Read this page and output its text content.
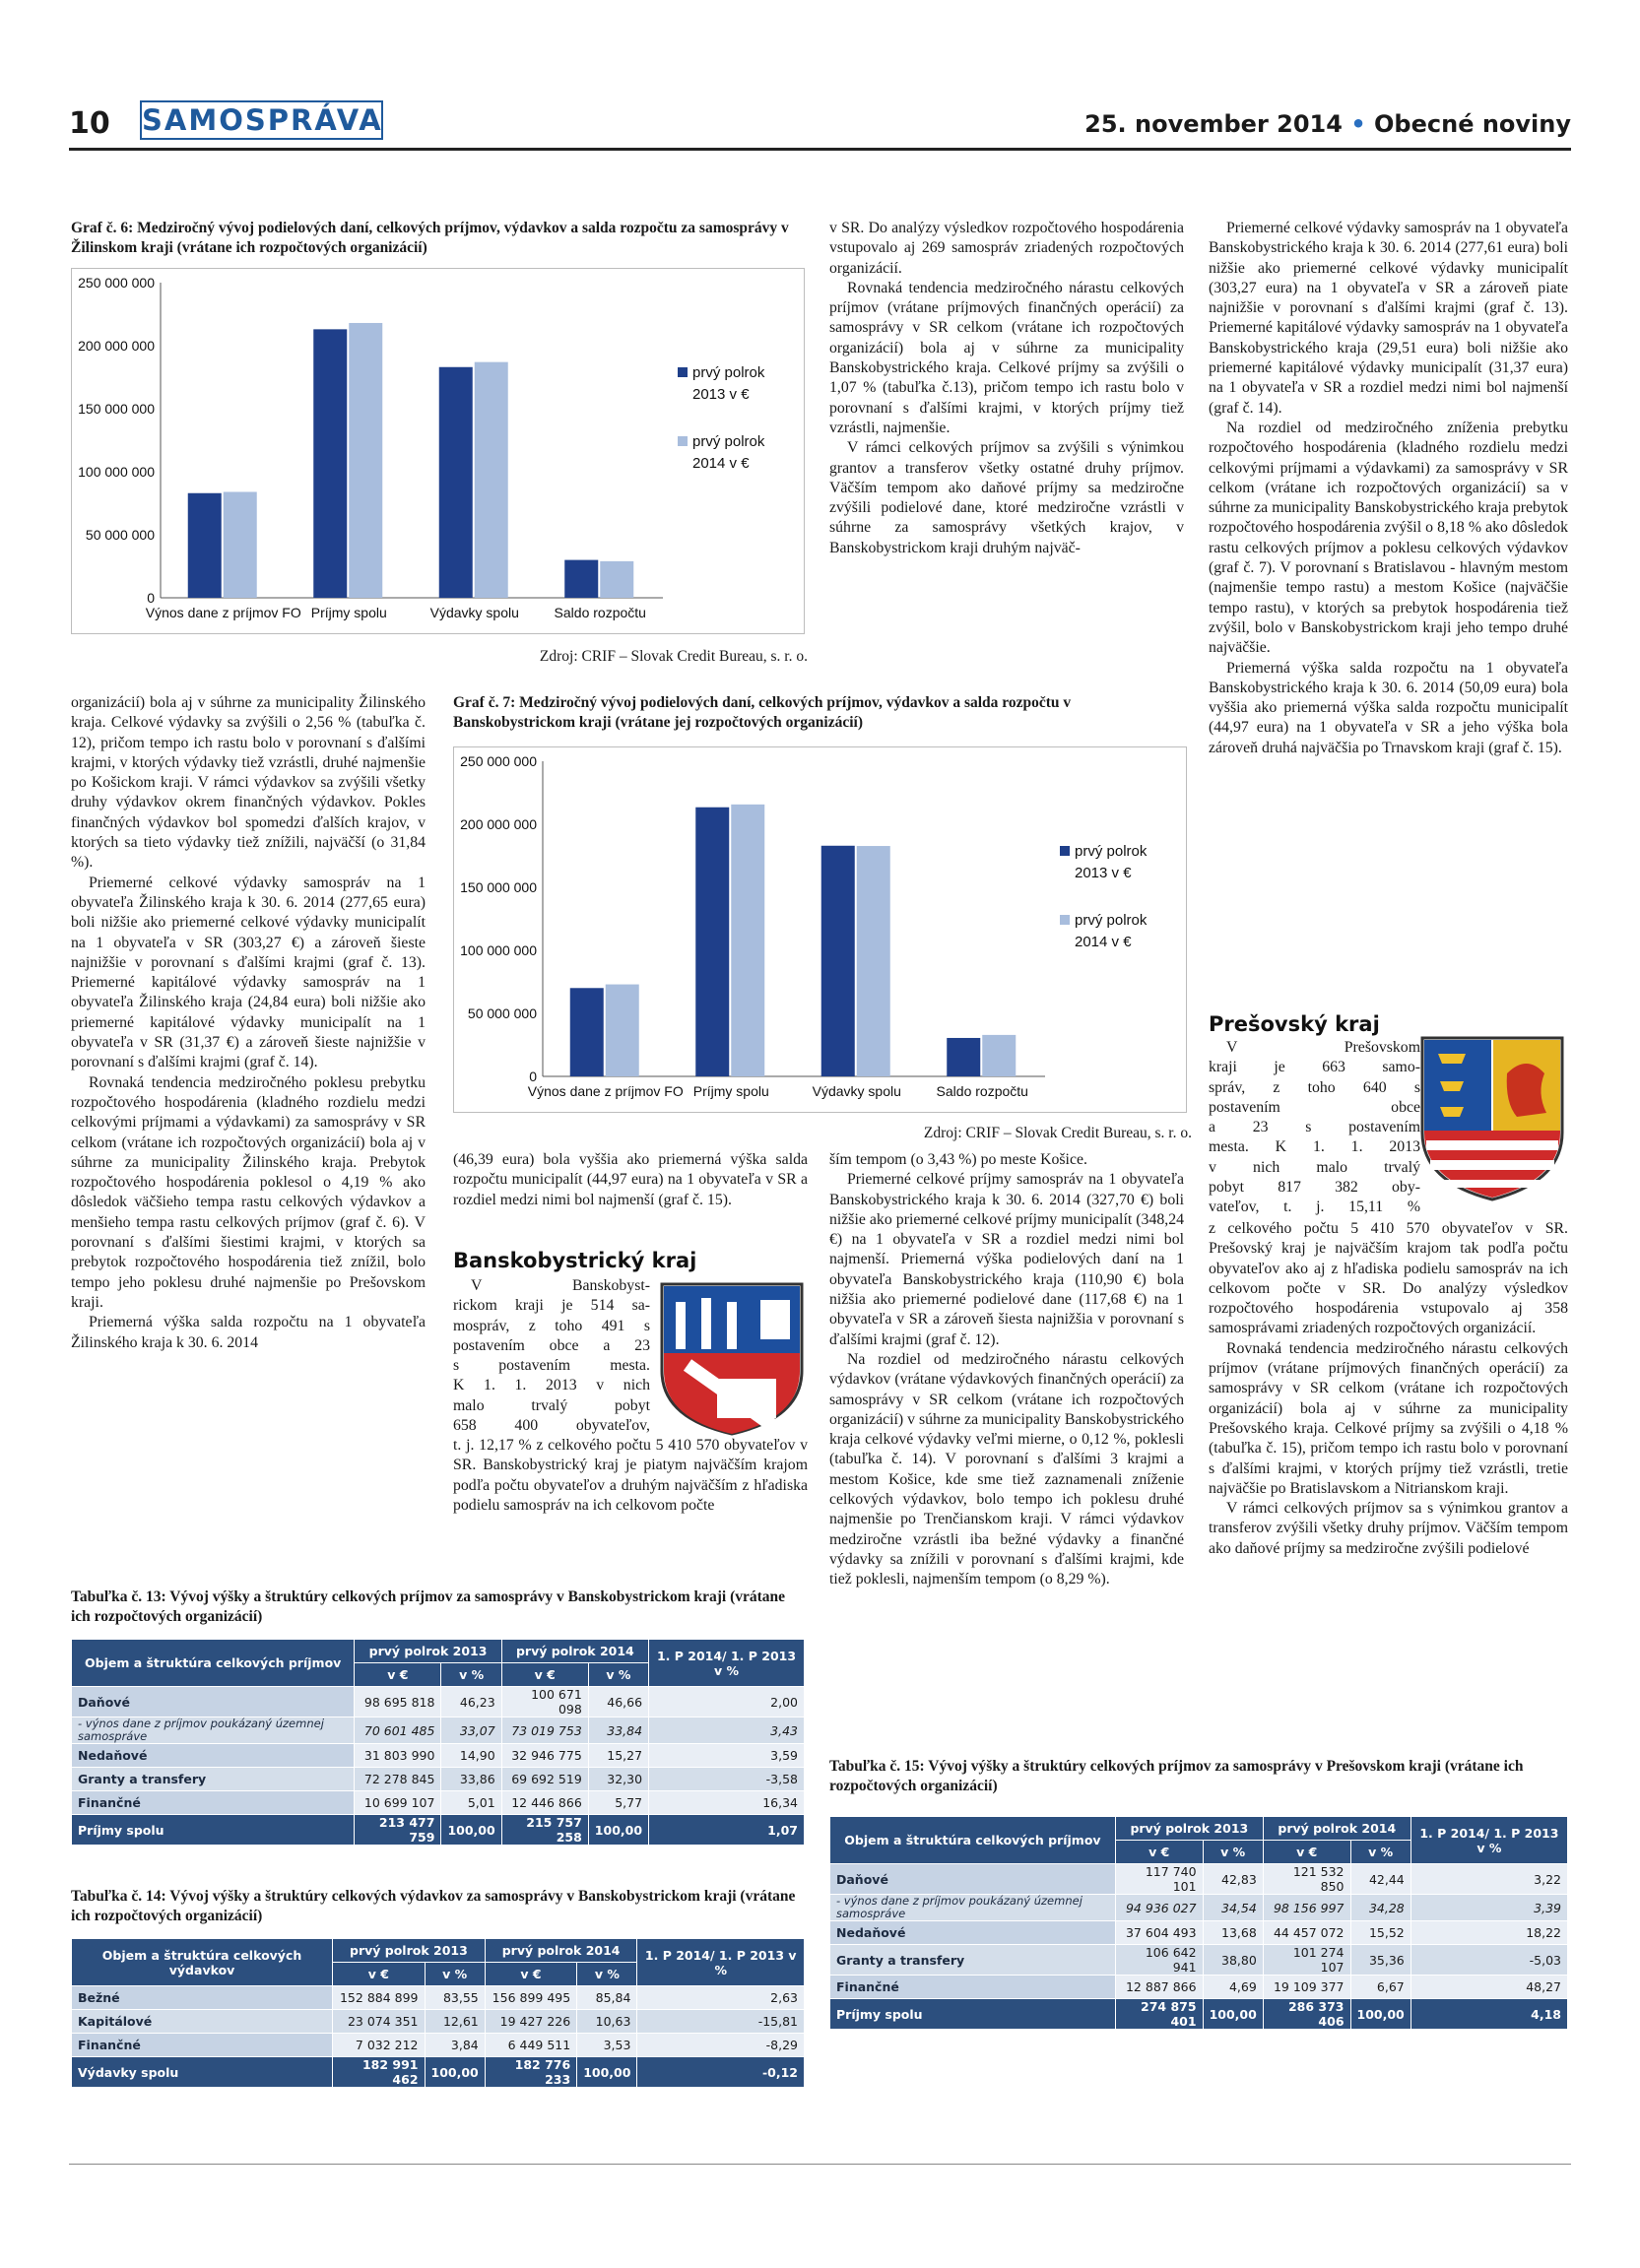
10 SAMOSPRÁVA	25. november 2014 • Obecné noviny
Graf č. 6: Medziročný vývoj podielových daní, celkových príjmov, výdavkov a salda rozpočtu za samosprávy v Žilinskom kraji (vrátane ich rozpočtových organizácií)
250 000 000
200 000 000
150 000 000
100 000 000
50 000 000
0
Výnos dane z príjmov FO Príjmy spolu	Výdavky spolu	Saldo rozpočtu
prvý polrok
2013 v €
prvý polrok
2014 v €
Zdroj: CRIF – Slovak Credit Bureau, s. r. o.

organizácií) bola aj v súhrne za municipality Žilinského kraja. Celkové výdavky sa zvýšili o 2,56 % (tabuľka č. 12), pričom tempo ich rastu bolo v porovnaní s ďalšími krajmi, v ktorých výdavky tiež vzrástli, druhé najmenšie po Košickom kraji. V rámci výdavkov sa zvýšili všetky druhy výdavkov okrem finančných výdavkov. Pokles finančných výdavkov bol spomedzi ďalších krajov, v ktorých sa tieto výdavky tiež znížili, najväčší (o 31,84 %).

Priemerné celkové výdavky samospráv na 1 obyvateľa Žilinského kraja k 30. 6. 2014 (277,65 eura) boli nižšie ako priemerné celkové výdavky municipalít na 1 obyvateľa v SR (303,27 €) a zároveň šieste najnižšie v porovnaní s ďalšími krajmi (graf č. 13). Priemerné kapitálové výdavky samospráv na 1 obyvateľa Žilinského kraja (24,84 eura) boli nižšie ako priemerné kapitálové výdavky municipalít na 1 obyvateľa v SR (31,37 €) a zároveň šieste najnižšie v porovnaní s ďalšími krajmi (graf č. 14).

Rovnaká tendencia medziročného poklesu prebytku rozpočtového hospodárenia (kladného rozdielu medzi celkovými príjmami a výdavkami) za samosprávy v SR celkom (vrátane ich rozpočtových organizácií) bola aj v súhrne za municipality Žilinského kraja. Prebytok rozpočtového hospodárenia poklesol o 4,19 % ako dôsledok väčšieho tempa rastu celkových výdavkov a menšieho tempa rastu celkových príjmov (graf č. 6). V porovnaní s ďalšími šiestimi krajmi, v ktorých sa prebytok rozpočtového hospodárenia tiež znížil, bolo tempo jeho poklesu druhé najmenšie po Prešovskom kraji.

Priemerná výška salda rozpočtu na 1 obyvateľa Žilinského kraja k 30. 6. 2014

Graf č. 7: Medziročný vývoj podielových daní, celkových príjmov, výdavkov a salda rozpočtu v Banskobystrickom kraji (vrátane jej rozpočtových organizácií)
250 000 000
200 000 000
150 000 000
100 000 000
50 000 000
0
Výnos dane z príjmov FO Príjmy spolu	Výdavky spolu	Saldo rozpočtu
prvý polrok
2013 v €
prvý polrok
2014 v €
Zdroj: CRIF – Slovak Credit Bureau, s. r. o.

v SR. Do analýzy výsledkov rozpočtového hospodárenia vstupovalo aj 269 samospráv zriadených rozpočtových organizácií.

Rovnaká tendencia medziročného nárastu celkových príjmov (vrátane príjmových finančných operácií) za samosprávy v SR celkom (vrátane ich rozpočtových organizácií) bola aj v súhrne za municipality Banskobystrického kraja. Celkové príjmy sa zvýšili o 1,07 % (tabuľka č.13), pričom tempo ich rastu bolo v porovnaní s ďalšími krajmi, v ktorých príjmy tiež vzrástli, najmenšie.

V rámci celkových príjmov sa zvýšili s výnimkou grantov a transferov všetky ostatné druhy príjmov. Väčším tempom ako daňové príjmy sa medziročne zvýšili podielové dane, ktoré medziročne vzrástli v súhrne za samosprávy všetkých krajov, v Banskobystrickom kraji druhým najväč-

Priemerné celkové výdavky samospráv na 1 obyvateľa Banskobystrického kraja k 30. 6. 2014 (277,61 eura) boli nižšie ako priemerné celkové výdavky municipalít (303,27 eura) na 1 obyvateľa v SR a zároveň piate najnižšie v porovnaní s ďalšími krajmi (graf č. 13). Priemerné kapitálové výdavky samospráv na 1 obyvateľa Banskobystrického kraja (29,51 eura) boli nižšie ako priemerné kapitálové výdavky municipalít (31,37 eura) na 1 obyvateľa v SR a rozdiel medzi nimi bol najmenší (graf č. 14).

Na rozdiel od medziročného zníženia prebytku rozpočtového hospodárenia (kladného rozdielu medzi celkovými príjmami a výdavkami) za samosprávy v SR celkom (vrátane ich rozpočtových organizácií) sa v súhrne za municipality Banskobystrického kraja prebytok rozpočtového hospodárenia zvýšil o 8,18 % ako dôsledok rastu celkových príjmov a poklesu celkových výdavkov (graf č. 7). V porovnaní s Bratislavou - hlavným mestom (najmenšie tempo rastu) a mestom Košice (najväčšie tempo rastu), v ktorých sa prebytok hospodárenia tiež zvýšil, bolo v Banskobystrickom kraji jeho tempo druhé najväčšie.

Priemerná výška salda rozpočtu na 1 obyvateľa Banskobystrického kraja k 30. 6. 2014 (50,09 eura) bola vyššia ako priemerná výška salda rozpočtu municipalít (44,97 eura) na 1 obyvateľa v SR a jeho výška bola zároveň druhá najväčšia po Trnavskom kraji (graf č. 15).

Prešovský kraj
V Prešovskom
kraji je 663 samo-
správ, z toho 640 s
postavením obce
a 23 s postavením
mesta. K 1. 1. 2013
v nich malo trvalý
pobyt 817 382 oby-
vateľov, t. j. 15,11 %

z celkového počtu 5 410 570 obyvateľov v SR. Prešovský kraj je najväčším krajom tak podľa počtu obyvateľov ako aj z hľadiska podielu samospráv na ich celkovom počte v SR. Do analýzy výsledkov rozpočtového hospodárenia vstupovalo aj 358 samosprávami zriadených rozpočtových organizácií.

Rovnaká tendencia medziročného nárastu celkových príjmov (vrátane príjmových finančných operácií) za samosprávy v SR celkom (vrátane ich rozpočtových organizácií) bola aj v súhrne za municipality Prešovského kraja. Celkové príjmy sa zvýšili o 4,18 % (tabuľka č. 15), pričom tempo ich rastu bolo v porovnaní s ďalšími krajmi, v ktorých príjmy tiež vzrástli, tretie najväčšie po Bratislavskom a Nitrianskom kraji.

V rámci celkových príjmov sa s výnimkou grantov a transferov zvýšili všetky druhy príjmov. Väčším tempom ako daňové príjmy sa medziročne zvýšili podielové

(46,39 eura) bola vyššia ako priemerná výška salda rozpočtu municipalít (44,97 eura) na 1 obyvateľa v SR a rozdiel medzi nimi bol najmenší (graf č. 15).

Banskobystrický kraj
V Banskobyst-
rickom kraji je 514 sa-
mospráv, z toho 491 s
postavením obce a 23
s postavením mesta.
K 1. 1. 2013 v nich
malo trvalý pobyt
658 400 obyvateľov,

t. j. 12,17 % z celkového počtu 5 410 570 obyvateľov v SR. Banskobystrický kraj je piatym najväčším krajom podľa počtu obyvateľov a druhým najväčším z hľadiska podielu samospráv na ich celkovom počte

ším tempom (o 3,43 %) po meste Košice.

Priemerné celkové príjmy samospráv na 1 obyvateľa Banskobystrického kraja k 30. 6. 2014 (327,70 €) boli nižšie ako priemerné celkové príjmy municipalít (348,24 €) na 1 obyvateľa v SR a rozdiel medzi nimi bol najmenší. Priemerná výška podielových daní na 1 obyvateľa Banskobystrického kraja (110,90 €) bola nižšia ako priemerné podielové dane (117,68 €) na 1 obyvateľa v SR a zároveň šiesta najnižšia v porovnaní s ďalšími krajmi (graf č. 12).

Na rozdiel od medziročného nárastu celkových výdavkov (vrátane výdavkových finančných operácií) za samosprávy v SR celkom (vrátane ich rozpočtových organizácií) v súhrne za municipality Banskobystrického kraja celkové výdavky veľmi mierne, o 0,12 %, poklesli (tabuľka č. 14). V porovnaní s ďalšími 3 krajmi a mestom Košice, kde sme tiež zaznamenali zníženie celkových výdavkov, bolo tempo ich poklesu druhé najmenšie po Trenčianskom kraji. V rámci výdavkov medziročne vzrástli iba bežné výdavky a finančné výdavky sa znížili v porovnaní s ďalšími krajmi, kde tiež poklesli, najmenším tempom (o 8,29 %).

Tabuľka č. 13: Vývoj výšky a štruktúry celkových príjmov za samosprávy v Banskobystrickom kraji (vrátane ich rozpočtových organizácií)
Objem a štruktúra celkových príjmov	prvý polrok 2013		prvý polrok 2014		1. P 2014/ 1. P 2013 v %
	v €	v %	v €	v %	
Daňové	98 695 818	46,23	100 671 098	46,66	2,00
- výnos dane z príjmov poukázaný územnej samospráve	70 601 485	33,07	73 019 753	33,84	3,43
Nedaňové	31 803 990	14,90	32 946 775	15,27	3,59
Granty a transfery	72 278 845	33,86	69 692 519	32,30	-3,58
Finančné	10 699 107	5,01	12 446 866	5,77	16,34
Príjmy spolu	213 477 759	100,00	215 757 258	100,00	1,07
Tabuľka č. 14: Vývoj výšky a štruktúry celkových výdavkov za samosprávy v Banskobystrickom kraji (vrátane ich rozpočtových organizácií)
Objem a štruktúra celkových výdavkov	prvý polrok 2013		prvý polrok 2014		1. P 2014/ 1. P 2013 v %
	v €	v %	v €	v %	
Bežné	152 884 899	83,55	156 899 495	85,84	2,63
Kapitálové	23 074 351	12,61	19 427 226	10,63	-15,81
Finančné	7 032 212	3,84	6 449 511	3,53	-8,29
Výdavky spolu	182 991 462	100,00	182 776 233	100,00	-0,12
Tabuľka č. 15: Vývoj výšky a štruktúry celkových príjmov za samosprávy v Prešovskom kraji (vrátane ich rozpočtových organizácií)
Objem a štruktúra celkových príjmov	prvý polrok 2013		prvý polrok 2014		1. P 2014/ 1. P 2013 v %
	v €	v %	v €	v %	
Daňové	117 740 101	42,83	121 532 850	42,44	3,22
- výnos dane z príjmov poukázaný územnej samospráve	94 936 027	34,54	98 156 997	34,28	3,39
Nedaňové	37 604 493	13,68	44 457 072	15,52	18,22
Granty a transfery	106 642 941	38,80	101 274 107	35,36	-5,03
Finančné	12 887 866	4,69	19 109 377	6,67	48,27
Príjmy spolu	274 875 401	100,00	286 373 406	100,00	4,18
